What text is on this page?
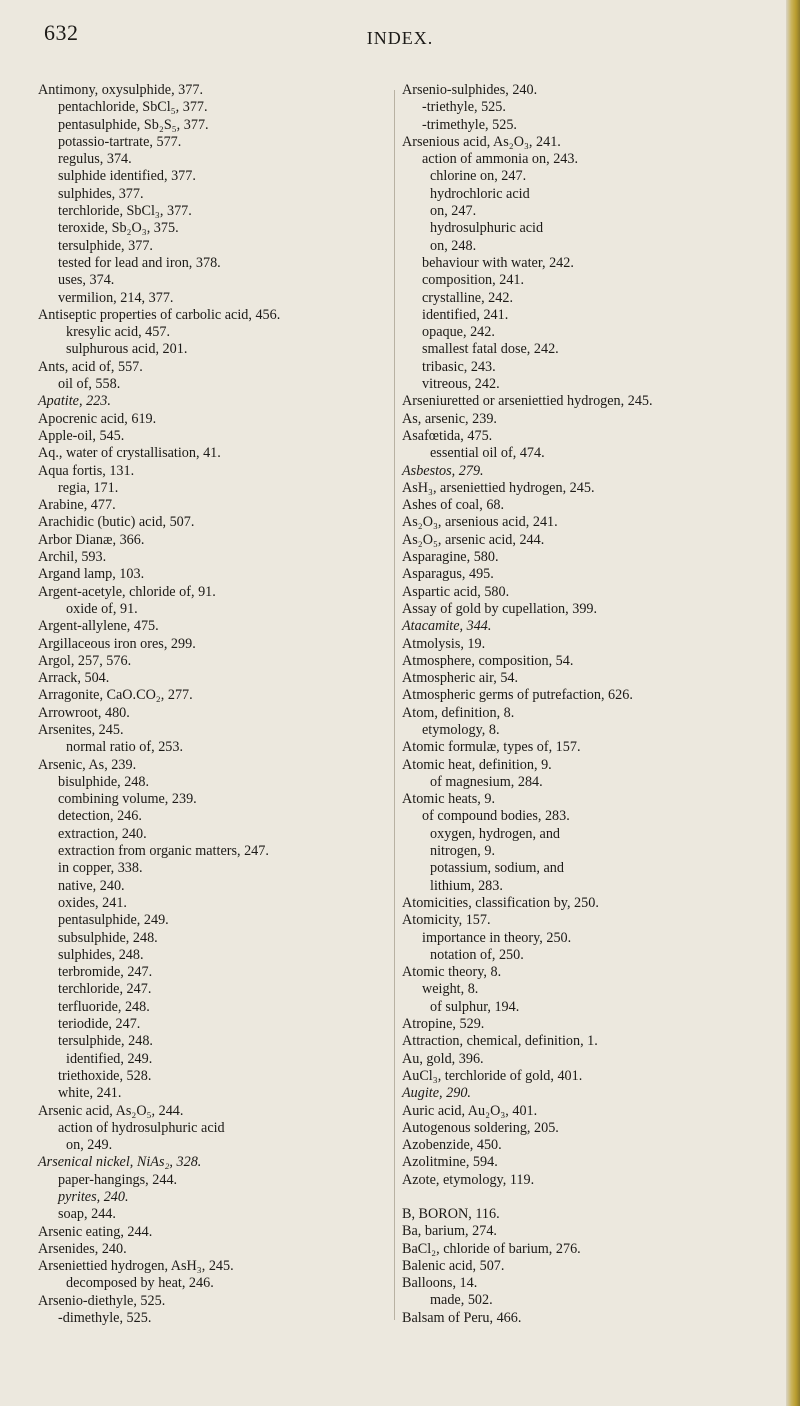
632	INDEX.
Antimony, oxysulphide, 377.
pentachloride, SbCl₅, 377.
pentasulphide, Sb₂S₅, 377.
potassio-tartrate, 577.
regulus, 374.
sulphide identified, 377.
sulphides, 377.
terchloride, SbCl₃, 377.
teroxide, Sb₂O₃, 375.
tersulphide, 377.
tested for lead and iron, 378.
uses, 374.
vermilion, 214, 377.
Antiseptic properties of carbolic acid, 456.
kresylic acid, 457.
sulphurous acid, 201.
Ants, acid of, 557.
oil of, 558.
Apatite, 223.
Apocrenic acid, 619.
Apple-oil, 545.
Aq., water of crystallisation, 41.
Aqua fortis, 131.
regia, 171.
Arabine, 477.
Arachidic (butic) acid, 507.
Arbor Dianæ, 366.
Archil, 593.
Argand lamp, 103.
Argent-acetyle, chloride of, 91.
oxide of, 91.
Argent-allylene, 475.
Argillaceous iron ores, 299.
Argol, 257, 576.
Arrack, 504.
Arragonite, CaO.CO₂, 277.
Arrowroot, 480.
Arsenites, 245.
normal ratio of, 253.
Arsenic, As, 239.
bisulphide, 248.
combining volume, 239.
detection, 246.
extraction, 240.
extraction from organic matters, 247.
in copper, 338.
native, 240.
oxides, 241.
pentasulphide, 249.
subsulphide, 248.
sulphides, 248.
terbromide, 247.
terchloride, 247.
terfluoride, 248.
teriodide, 247.
tersulphide, 248.
identified, 249.
triethoxide, 528.
white, 241.
Arsenic acid, As₂O₅, 244.
action of hydrosulphuric acid
on, 249.
Arsenical nickel, NiAs₂, 328.
paper-hangings, 244.
pyrites, 240.
soap, 244.
Arsenic eating, 244.
Arsenides, 240.
Arseniettied hydrogen, AsH₃, 245.
decomposed by heat, 246.
Arsenio-diethyle, 525.
-dimethyle, 525.
Arsenio-sulphides, 240.
-triethyle, 525.
-trimethyle, 525.
Arsenious acid, As₂O₃, 241.
action of ammonia on, 243.
chlorine on, 247.
hydrochloric acid
on, 247.
hydrosulphuric acid
on, 248.
behaviour with water, 242.
composition, 241.
crystalline, 242.
identified, 241.
opaque, 242.
smallest fatal dose, 242.
tribasic, 243.
vitreous, 242.
Arseniuretted or arseniettied hydrogen, 245.
As, arsenic, 239.
Asafœtida, 475.
essential oil of, 474.
Asbestos, 279.
AsH₃, arseniettied hydrogen, 245.
Ashes of coal, 68.
As₂O₃, arsenious acid, 241.
As₂O₅, arsenic acid, 244.
Asparagine, 580.
Asparagus, 495.
Aspartic acid, 580.
Assay of gold by cupellation, 399.
Atacamite, 344.
Atmolysis, 19.
Atmosphere, composition, 54.
Atmospheric air, 54.
Atmospheric germs of putrefaction, 626.
Atom, definition, 8.
etymology, 8.
Atomic formulæ, types of, 157.
Atomic heat, definition, 9.
of magnesium, 284.
Atomic heats, 9.
of compound bodies, 283.
oxygen, hydrogen, and
nitrogen, 9.
potassium, sodium, and
lithium, 283.
Atomicities, classification by, 250.
Atomicity, 157.
importance in theory, 250.
notation of, 250.
Atomic theory, 8.
weight, 8.
of sulphur, 194.
Atropine, 529.
Attraction, chemical, definition, 1.
Au, gold, 396.
AuCl₃, terchloride of gold, 401.
Augite, 290.
Auric acid, Au₂O₃, 401.
Autogenous soldering, 205.
Azobenzide, 450.
Azolitmine, 594.
Azote, etymology, 119.
B, BORON, 116.
Ba, barium, 274.
BaCl₂, chloride of barium, 276.
Balenic acid, 507.
Balloons, 14.
made, 502.
Balsam of Peru, 466.
